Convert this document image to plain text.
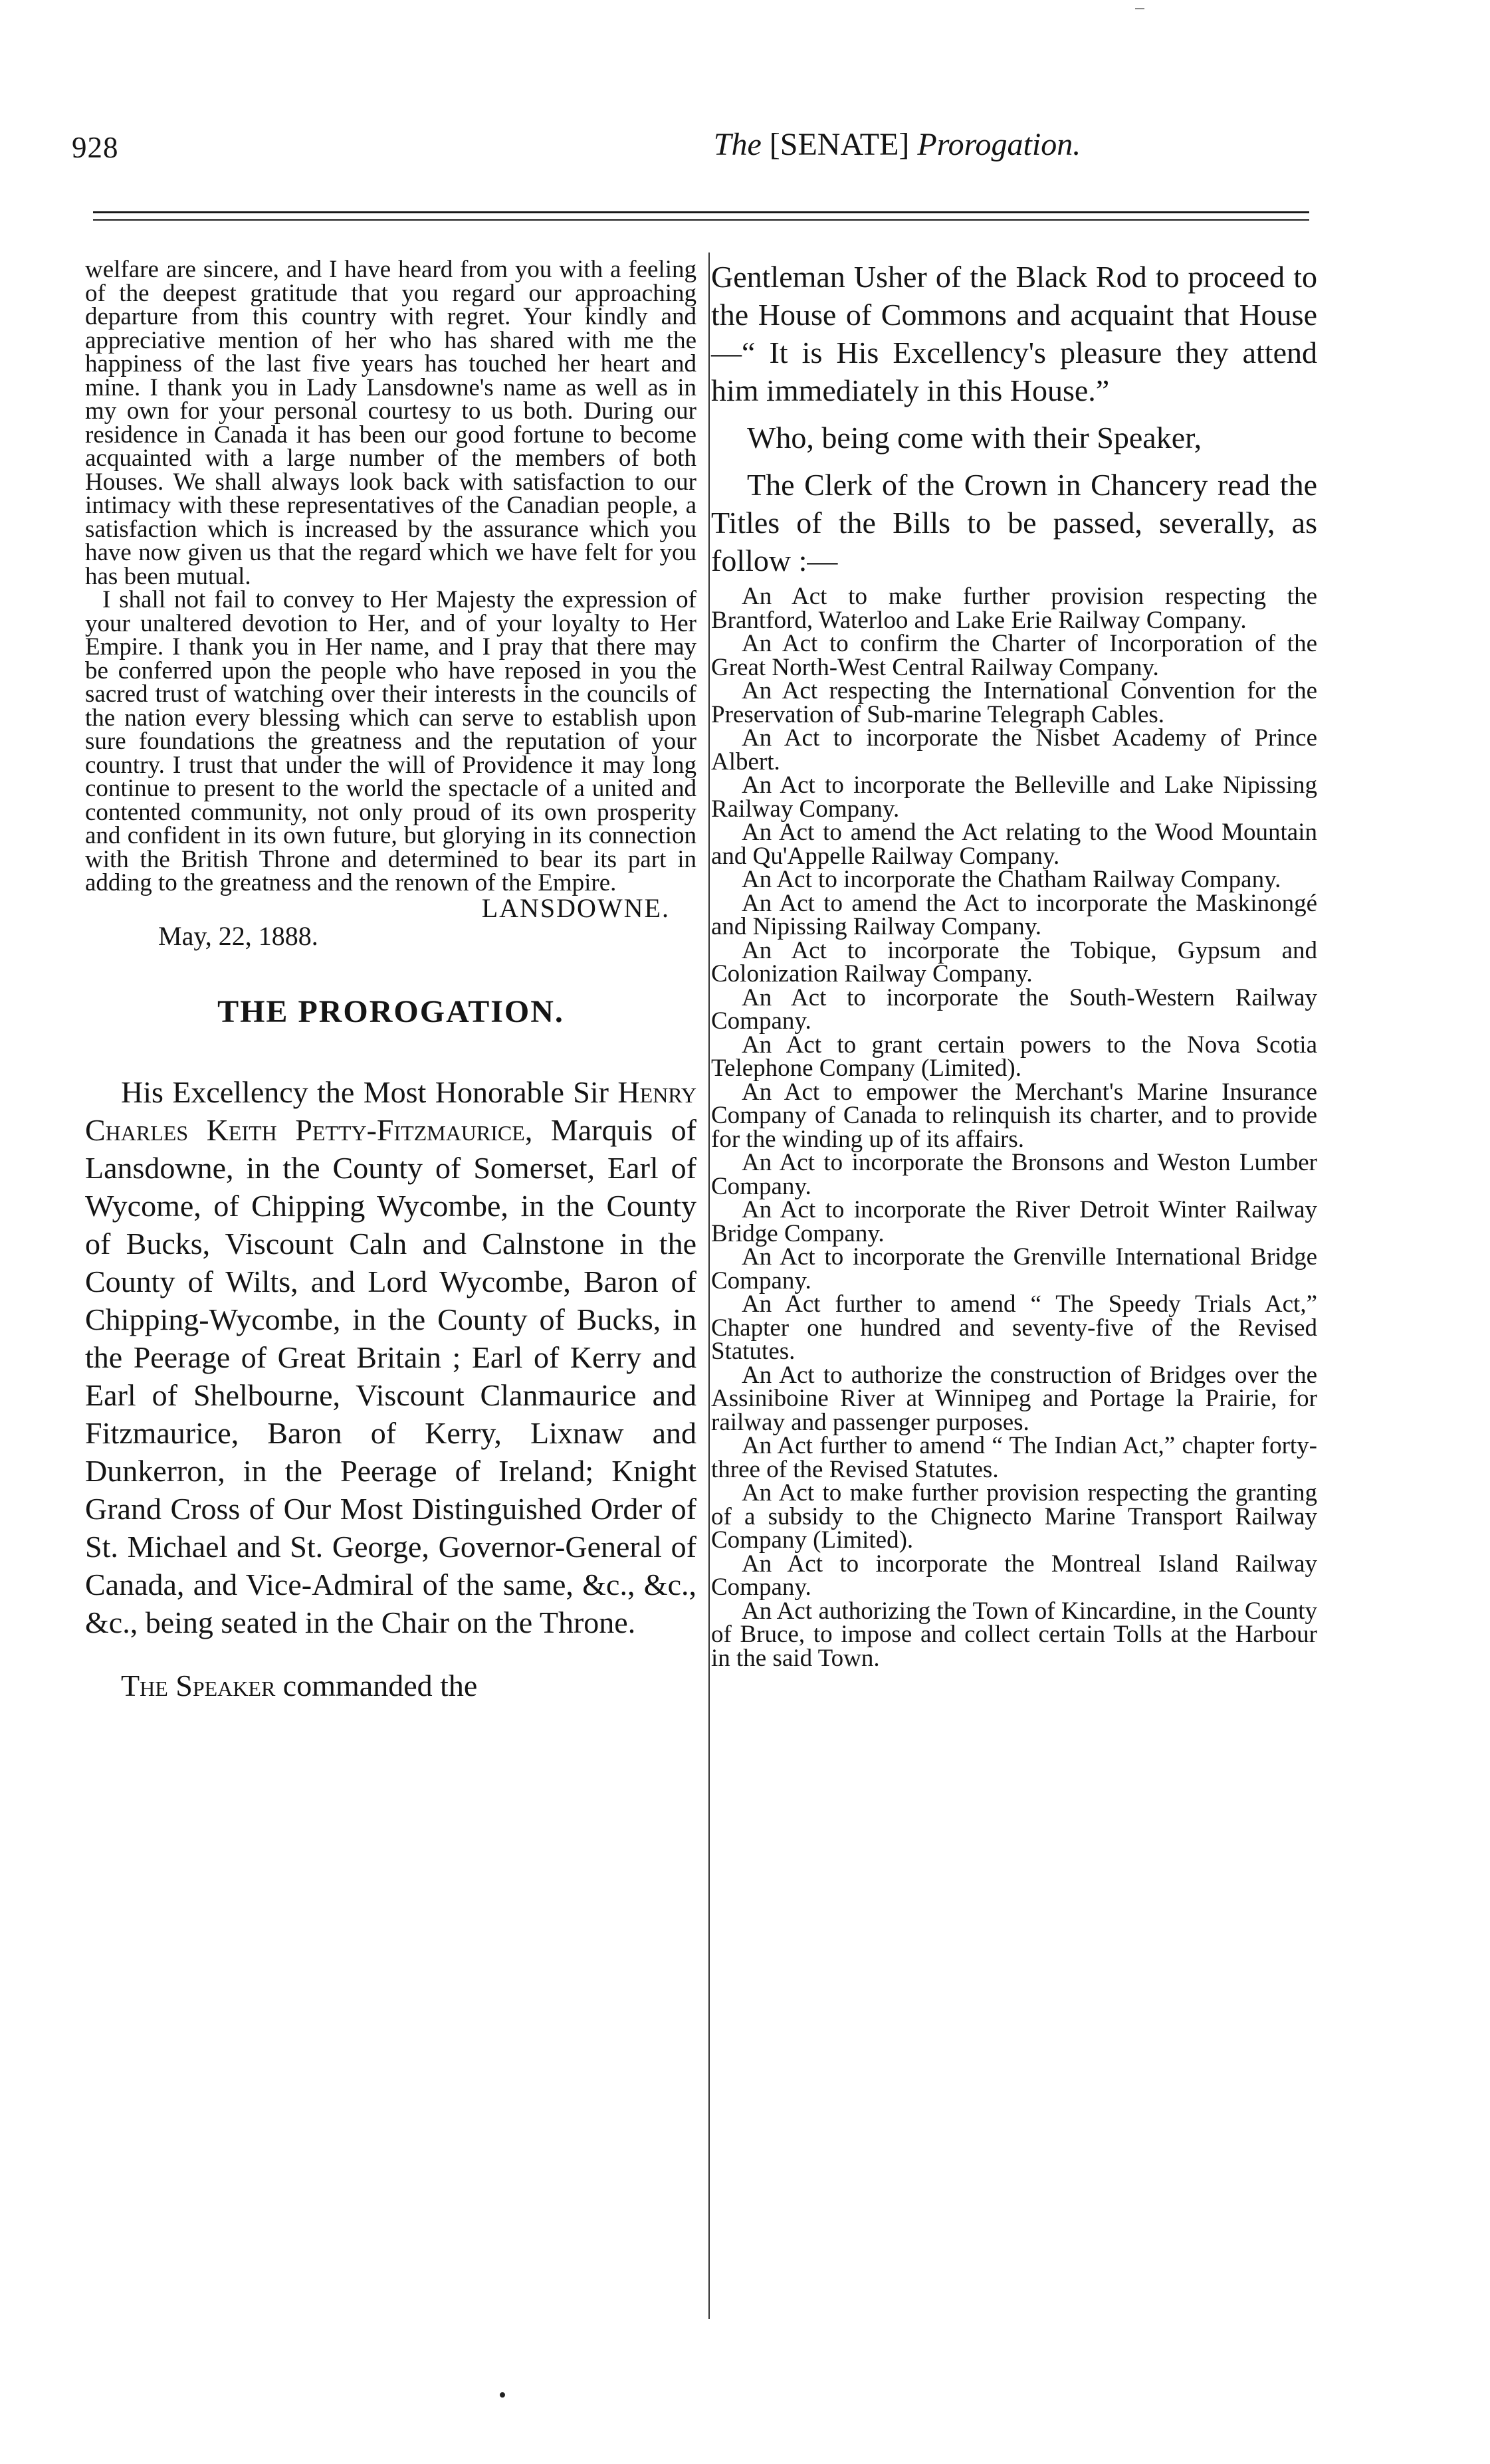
928	The [SENATE] Prorogation.

welfare are sincere, and I have heard from you with a feeling of the deepest gratitude that you regard our approaching departure from this country with regret. Your kindly and appreciative mention of her who has shared with me the happiness of the last five years has touched her heart and mine. I thank you in Lady Lansdowne's name as well as in my own for your personal courtesy to us both. During our residence in Canada it has been our good fortune to become acquainted with a large number of the members of both Houses. We shall always look back with satisfaction to our intimacy with these representatives of the Canadian people, a satisfaction which is increased by the assurance which you have now given us that the regard which we have felt for you has been mutual.

I shall not fail to convey to Her Majesty the expression of your unaltered devotion to Her, and of your loyalty to Her Empire. I thank you in Her name, and I pray that there may be conferred upon the people who have reposed in you the sacred trust of watching over their interests in the councils of the nation every blessing which can serve to establish upon sure foundations the greatness and the reputation of your country. I trust that under the will of Providence it may long continue to present to the world the spectacle of a united and contented community, not only proud of its own prosperity and confident in its own future, but glorying in its connection with the British Throne and determined to bear its part in adding to the greatness and the renown of the Empire.

LANSDOWNE.

May, 22, 1888.

THE PROROGATION.

His Excellency the Most Honorable Sir Henry Charles Keith Petty-Fitzmaurice, Marquis of Lansdowne, in the County of Somerset, Earl of Wycome, of Chipping Wycombe, in the County of Bucks, Viscount Caln and Calnstone in the County of Wilts, and Lord Wycombe, Baron of Chipping-Wycombe, in the County of Bucks, in the Peerage of Great Britain ; Earl of Kerry and Earl of Shelbourne, Viscount Clanmaurice and Fitzmaurice, Baron of Kerry, Lixnaw and Dunkerron, in the Peerage of Ireland; Knight Grand Cross of Our Most Distinguished Order of St. Michael and St. George, Governor-General of Canada, and Vice-Admiral of the same, &c., &c., &c., being seated in the Chair on the Throne.

The Speaker commanded the

Gentleman Usher of the Black Rod to proceed to the House of Commons and acquaint that House—“ It is His Excellency's pleasure they attend him immediately in this House.”

Who, being come with their Speaker,

The Clerk of the Crown in Chancery read the Titles of the Bills to be passed, severally, as follow :—

An Act to make further provision respecting the Brantford, Waterloo and Lake Erie Railway Company.

An Act to confirm the Charter of Incorporation of the Great North-West Central Railway Company.

An Act respecting the International Convention for the Preservation of Sub-marine Telegraph Cables.

An Act to incorporate the Nisbet Academy of Prince Albert.

An Act to incorporate the Belleville and Lake Nipissing Railway Company.

An Act to amend the Act relating to the Wood Mountain and Qu'Appelle Railway Company.

An Act to incorporate the Chatham Railway Company.

An Act to amend the Act to incorporate the Maskinongé and Nipissing Railway Company.

An Act to incorporate the Tobique, Gypsum and Colonization Railway Company.

An Act to incorporate the South-Western Railway Company.

An Act to grant certain powers to the Nova Scotia Telephone Company (Limited).

An Act to empower the Merchant's Marine Insurance Company of Canada to relinquish its charter, and to provide for the winding up of its affairs.

An Act to incorporate the Bronsons and Weston Lumber Company.

An Act to incorporate the River Detroit Winter Railway Bridge Company.

An Act to incorporate the Grenville International Bridge Company.

An Act further to amend “ The Speedy Trials Act,” Chapter one hundred and seventy-five of the Revised Statutes.

An Act to authorize the construction of Bridges over the Assiniboine River at Winnipeg and Portage la Prairie, for railway and passenger purposes.

An Act further to amend “ The Indian Act,” chapter forty-three of the Revised Statutes.

An Act to make further provision respecting the granting of a subsidy to the Chignecto Marine Transport Railway Company (Limited).

An Act to incorporate the Montreal Island Railway Company.

An Act authorizing the Town of Kincardine, in the County of Bruce, to impose and collect certain Tolls at the Harbour in the said Town.
